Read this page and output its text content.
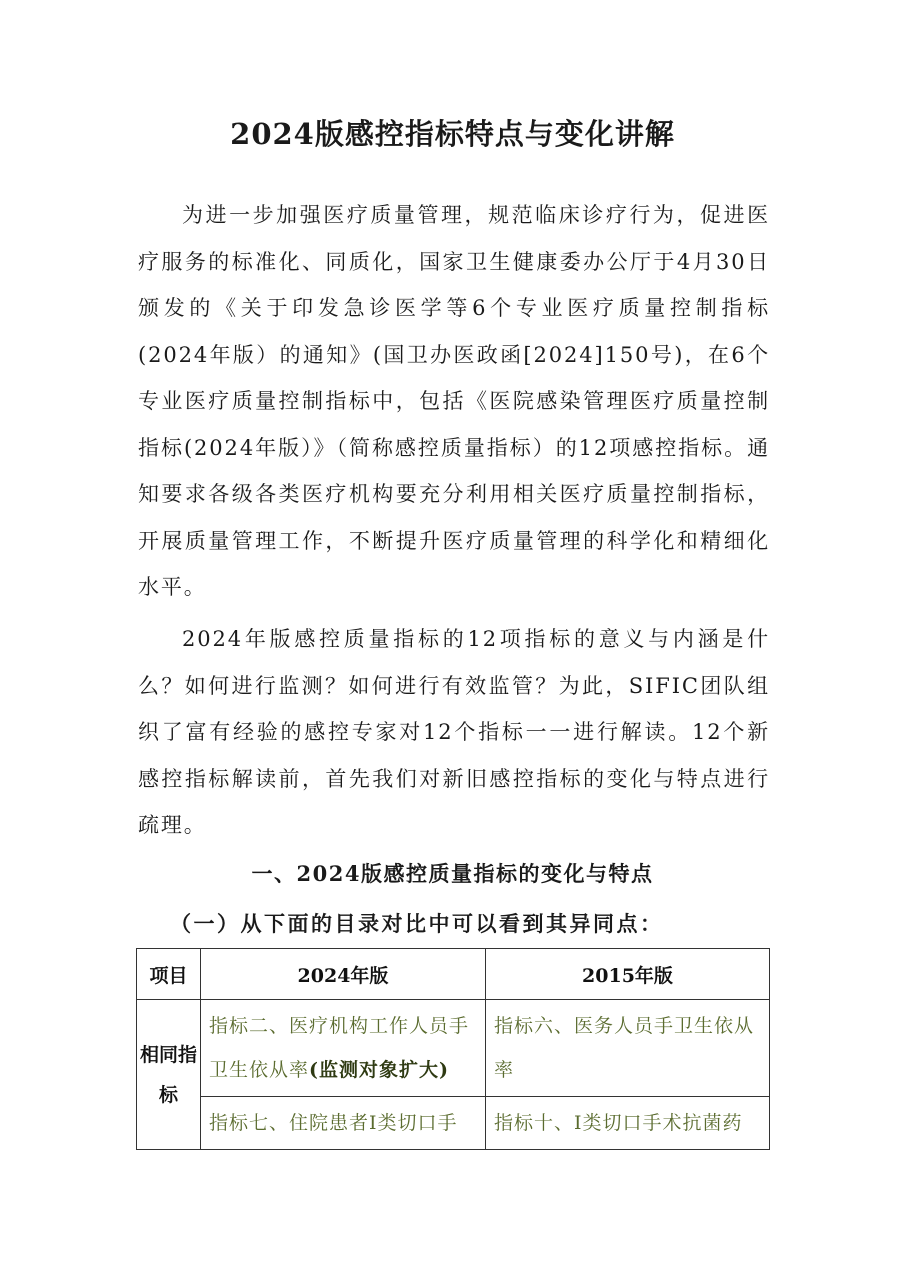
2024版感控指标特点与变化讲解

为进一步加强医疗质量管理，规范临床诊疗行为，促进医疗服务的标准化、同质化，国家卫生健康委办公厅于4月30日颁发的《关于印发急诊医学等6个专业医疗质量控制指标(2024年版）的通知》(国卫办医政函[2024]150号)，在6个专业医疗质量控制指标中，包括《医院感染管理医疗质量控制指标(2024年版）》（简称感控质量指标）的12项感控指标。通知要求各级各类医疗机构要充分利用相关医疗质量控制指标，开展质量管理工作，不断提升医疗质量管理的科学化和精细化水平。

2024年版感控质量指标的12项指标的意义与内涵是什么？如何进行监测？如何进行有效监管？为此，SIFIC团队组织了富有经验的感控专家对12个指标一一进行解读。12个新感控指标解读前，首先我们对新旧感控指标的变化与特点进行疏理。

一、2024版感控质量指标的变化与特点
（一）从下面的目录对比中可以看到其异同点：
项目	2024年版	2015年版
相同指标	指标二、医疗机构工作人员手卫生依从率(监测对象扩大)	指标六、医务人员手卫生依从率

	指标七、住院患者Ⅰ类切口手	指标十、Ⅰ类切口手术抗菌药
